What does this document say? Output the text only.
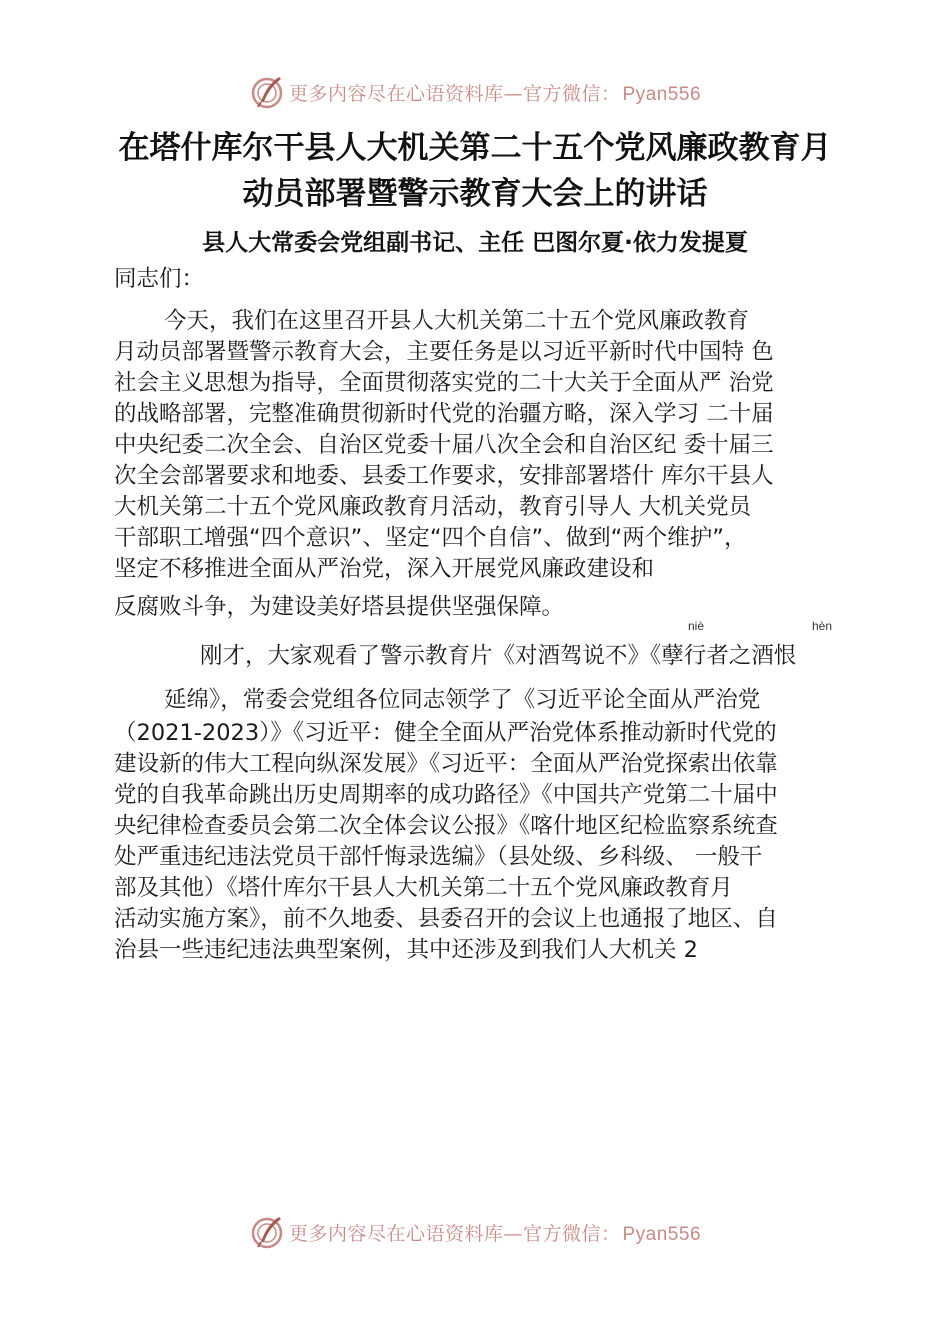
更多内容尽在心语资料库—官方微信： Pyan556
在塔什库尔干县人大机关第二十五个党风廉政教育月
动员部署暨警示教育大会上的讲话
县人大常委会党组副书记、主任 巴图尔夏·依力发提夏
同志们：
今天，我们在这里召开县人大机关第二十五个党风廉政教育
月动员部署暨警示教育大会，主要任务是以习近平新时代中国特 色
社会主义思想为指导，全面贯彻落实党的二十大关于全面从严 治党
的战略部署，完整准确贯彻新时代党的治疆方略，深入学习 二十届
中央纪委二次全会、自治区党委十届八次全会和自治区纪 委十届三
次全会部署要求和地委、县委工作要求，安排部署塔什 库尔干县人
大机关第二十五个党风廉政教育月活动，教育引导人 大机关党员
干部职工增强“四个意识”、坚定“四个自信”、做到“两个维护”，
坚定不移推进全面从严治党，深入开展党风廉政建设和
反腐败斗争，为建设美好塔县提供坚强保障。
niè	hèn
刚才，大家观看了警示教育片《对酒驾说不》《孽行者之酒恨
延绵》，常委会党组各位同志领学了《习近平论全面从严治党
（2021-2023）》《习近平：健全全面从严治党体系推动新时代党的
建设新的伟大工程向纵深发展》《习近平：全面从严治党探索出依靠
党的自我革命跳出历史周期率的成功路径》《中国共产党第二十届中
央纪律检查委员会第二次全体会议公报》《喀什地区纪检监察系统查
处严重违纪违法党员干部忏悔录选编》（县处级、乡科级、 一般干
部及其他）《塔什库尔干县人大机关第二十五个党风廉政教育月
活动实施方案》，前不久地委、县委召开的会议上也通报了地区、自
治县一些违纪违法典型案例，其中还涉及到我们人大机关 2
更多内容尽在心语资料库—官方微信： Pyan556
